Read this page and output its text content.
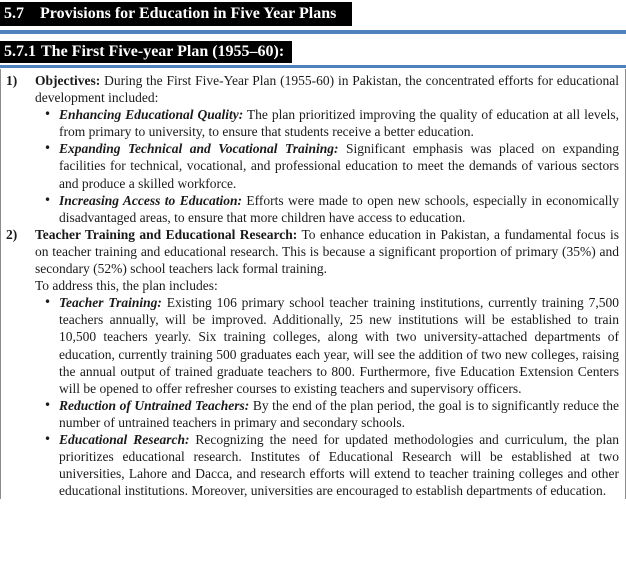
5.7 Provisions for Education in Five Year Plans
5.7.1 The First Five-year Plan (1955–60):
1)	Objectives: During the First Five-Year Plan (1955-60) in Pakistan, the concentrated efforts for educational development included:

• Enhancing Educational Quality: The plan prioritized improving the quality of education at all levels, from primary to university, to ensure that students receive a better education.
• Expanding Technical and Vocational Training: Significant emphasis was placed on expanding facilities for technical, vocational, and professional education to meet the demands of various sectors and produce a skilled workforce.
• Increasing Access to Education: Efforts were made to open new schools, especially in economically disadvantaged areas, to ensure that more children have access to education.
2)	Teacher Training and Educational Research: To enhance education in Pakistan, a fundamental focus is on teacher training and educational research. This is because a significant proportion of primary (35%) and secondary (52%) school teachers lack formal training.

To address this, the plan includes:

• Teacher Training: Existing 106 primary school teacher training institutions, currently training 7,500 teachers annually, will be improved. Additionally, 25 new institutions will be established to train 10,500 teachers yearly. Six training colleges, along with two university-attached departments of education, currently training 500 graduates each year, will see the addition of two new colleges, raising the annual output of trained graduate teachers to 800. Furthermore, five Education Extension Centers will be opened to offer refresher courses to existing teachers and supervisory officers.
• Reduction of Untrained Teachers: By the end of the plan period, the goal is to significantly reduce the number of untrained teachers in primary and secondary schools.
• Educational Research: Recognizing the need for updated methodologies and curriculum, the plan prioritizes educational research. Institutes of Educational Research will be established at two universities, Lahore and Dacca, and research efforts will extend to teacher training colleges and other educational institutions. Moreover, universities are encouraged to establish departments of education.
